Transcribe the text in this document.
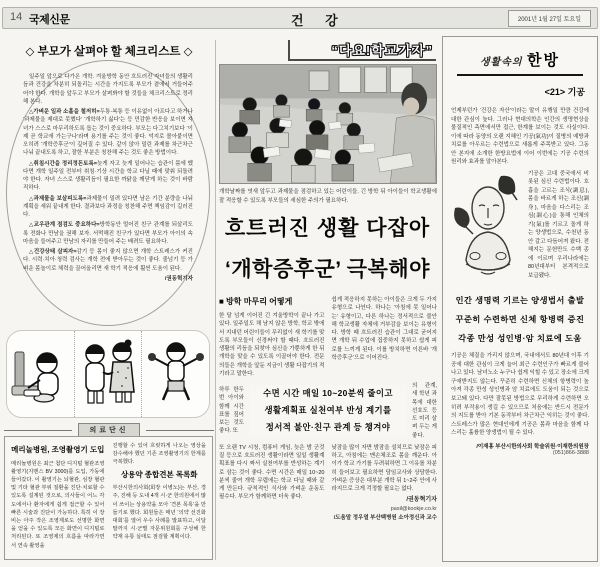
14 국제신문	건 강	2001년 1월 27일 토요일
◇ 부모가 살펴야 할 체크리스트 ◇

일주일 앞으로 다가온 개학. 겨울방학 동안 흐트러진 자녀들의 생활리듬과 건강을 차분히 되돌리는 시간을 가지도록 부모가 곁에서 거들어주어야 한다. 개학을 앞두고 부모가 살펴봐야 할 것들을 체크리스트로 정리해 본다.

△가벼운 일과 소홀을 철저히=두통·복통 등 이유없이 아프다고 하거나 ‘과제물을 제대로 못했다’ ‘개학하기 싫다’는 등 민감한 반응을 보이면 자녀가 스스로 마무리하도록 돕는 것이 중요하다. 부모는 다그치기보다 ‘이제 곧 학교에 가는구나’라며 용기를 주는 것이 좋다. 억지로 몰아붙이면 오히려 ‘개학증후군’이 깊어질 수 있다. 같이 앉아 밀린 과제를 차근차근 나눠 끝내도록 하고, 잘한 부분은 칭찬해 주는 것도 좋은 방법이다.

△취침시간을 정리정돈토록=늦게 자고 늦게 일어나는 습관이 몸에 뱄다면 개학 일주일 전부터 취침·기상 시간을 학교 다닐 때에 맞춰 되돌려야 한다. 자녀 스스로 생활리듬이 필요한 까닭을 깨닫게 하는 것이 바람직하다.

△과제물을 보살피도록=과제물이 밀려 있다면 남은 기간 분량을 나눠 계획을 세워 끝내게 한다. 결과보다 과정을 칭찬해 주면 책임감이 길러진다.

△교우관계 점검도 중요하다=방학동안 멀어진 친구 관계를 되살리도록 전화나 만남을 권해 보자. 서먹해진 친구가 있다면 부모가 아이의 속마음을 들어주고 만남의 자리를 만들어 주는 배려도 필요하다.

△건강상태 살피자=감기 등 몸이 좋지 않으면 개학 스트레스가 커진다. 시력·치아·청력 검사는 개학 전에 받아두는 것이 좋다. 줄넘기 등 가벼운 몸놀이로 체력을 끌어올리면 새 학기 적응에 훨씬 도움이 된다.

/권동혁기자

의료단신
메리놀병원, 조영촬영기 도입
메리놀병원은 최근 첨단 디지털 혈관조영촬영기(지멘스 BV 3000)를 도입, 가동에 들어갔다. 이 촬영기는 뇌혈관, 심장 혈관 및 기타 혈관 부위 질환을 진단·치료할 수 있도록 설계된 것으로, 의사들이 어느 각도에서나 환자에게 쉽게 접근할 수 있어 빠른 시술과 진단이 가능하다. 특히 이 장비는 아주 작은 조영제로도 선명한 화면을 얻을 수 있도록 모든 화면이 디지털로 처리된다. 또 조영제의 흐름을 따라가면서 연속 촬영을
진행할 수 있어 흐릿하게 나오는 영상을 감수해야 했던 기존 조영촬영기의 한계를 극복했다.
상용약 종합견본 목록화
부산시한의사회(회장 이병노)는 부산, 경주, 진해 등 도내 4개 시·군 한의원에서 많이 쓰이는 상용약을 모아 ‘견본 목록’을 만들기로 했다. 회원들은 매년 ‘의약 선진화대회’를 열어 우수 사례를 발표하고, 이달 말까지 시·군별 자문위원회를 구성해 한약재 유통 실태도 점검할 계획이다.
“다요!학교가자”
개학날짜를 엿새 앞두고 과제물을 점검하고 있는 어린이들. 긴 방학 뒤 아이들이 학교생활에 잘 적응할 수 있도록 부모들의 세심한 주의가 필요하다.
흐트러진 생활 다잡아
‘개학증후군’ 극복해야
■ 방학 마무리 어떻게
한 달 넘게 이어진 긴 겨울방학이 끝나 가고 있다. 일주일도 채 남지 않은 방학, 학교 밖에서 지내던 어린이들이 무리없이 새 학기를 맞도록 부모들이 신경써야 할 때다. 흐트러진 생활의 리듬을 되찾아 심신을 가뿐하게 한 뒤 개학을 맞을 수 있도록 이끌어야 한다. 전문의들은 개학을 앞둔 지금이 생활 다잡기의 적기라고 말한다.
쉽게 적응하지 못하는 아이들은 크게 두 가지 유형으로 나뉜다. 하나는 ‘아침에 못 일어나는’ 유형이고, 다른 하나는 정서적으로 불안해 학교생활 자체에 거부감을 보이는 유형이다. 방학 때 흐트러진 습관이 그대로 굳어지면 개학 뒤 수업에 집중하지 못하고 쉽게 피로를 느끼게 된다. 이를 방치하면 이른바 ‘개학증후군’으로 이어진다.
하루 한두 번 아이와 함께 시간표를 짚어 보는 것도 좋다. 또
수면 시간 매일 10~20분씩 줄이고
생활계획표 실천여부 반성 계기를
정서적 불안·친구 관계 등 챙겨야
의 관계, 새 학년 과목에 대한 선호도 등도 미리 살펴 두는 게 좋다.
또 오랜 TV 시청, 컴퓨터 게임, 늦은 밤 군것질 등으로 흐트러진 생활이라면 일일 생활계획표를 다시 짜서 실천여부를 반성하는 계기로 삼는 것이 좋다. 수면 시간은 매일 10~20분씩 줄여 개학 무렵에는 학교 다닐 때와 같게 만든다. 규칙적인 식사와 가벼운 운동도 필수다. 부모가 함께하면 더욱 좋다.
낮잠을 많이 자면 밤잠을 설치므로 낮잠은 피하고, 아침에는 맨손체조로 몸을 깨운다. 아이가 학교 가기를 두려워하면 그 이유를 차분히 들어보고 필요하면 담임교사와 상담한다. 가벼운 증상은 대부분 개학 뒤 1~2주 안에 사라지므로 크게 걱정할 필요는 없다.
/권동혁기자
pasil@kookje.co.kr
/도움말 정우열 부산백병원 소아정신과 교수
생활속의 한방
<21> 기공
언제부턴가 ‘건강은 자산’이라는 말이 유행일 만큼 건강에 대한 관심이 높다. 그러나 현대의학은 인간의 생명현상을 물질적인 측면에서만 접근, 한계를 보이는 것도 사실이다. 이에 따라 동양의 오랜 지혜인 기공(氣功)이 질병의 예방과 치료를 아우르는 수련법으로 새롭게 주목받고 있다. 그동안 본지에 소개한 한방요법에 이어 이번에는 기공 수련의 원리와 효과를 알아본다.
기공은 고대 중국에서 비롯된 심신 수련법이다. 호흡을 고르는 조식(調息), 몸을 바르게 하는 조신(調身), 마음을 다스리는 조심(調心)을 통해 인체의 기(氣)를 기르고 돌게 하는 양생법으로, 수천년 동안 갈고 다듬어져 왔다. 전해지는 문헌만도 수백 종에 이르며 우리나라에는 80년대부터 본격적으로 보급됐다.
인간 생명력 기르는 양생법서 출발
꾸준히 수련하면 신체 항병력 증진
각종 만성 성인병·암 치료에 도움
기공은 체질을 가리지 않으며, 국내에서도 80년대 이후 기공에 대한 관심이 크게 늘어 최근 수련인구가 빠르게 불어나고 있다. 남녀노소 누구나 쉽게 익힐 수 있고 장소에 크게 구애받지도 않는다. 꾸준히 수련하면 신체의 항병력이 높아져 각종 만성 성인병과 암 치료에도 도움이 되는 것으로 보고돼 있다. 다만 잘못된 방법으로 무리하게 수련하면 오히려 부작용이 생길 수 있으므로 처음에는 반드시 전문가의 지도를 받아 기본 동작부터 차근차근 익히는 것이 좋다. 스트레스가 많은 현대인에게 기공은 몸과 마음을 함께 다스리는 훌륭한 양생법이 될 수 있다.
/이재홍 부산시한의사회 학술위원·이재한의원장
(051)866-3888
